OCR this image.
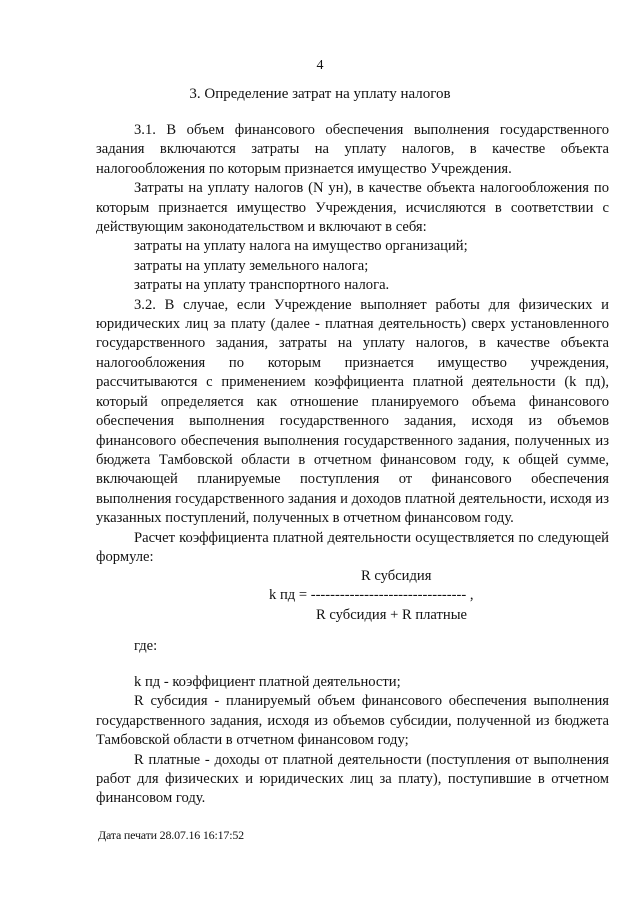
4
3. Определение затрат на уплату налогов

3.1. В объем финансового обеспечения выполнения государственного задания включаются затраты на уплату налогов, в качестве объекта налогообложения по которым признается имущество Учреждения.

Затраты на уплату налогов (N ун), в качестве объекта налогообложения по которым признается имущество Учреждения, исчисляются в соответствии с действующим законодательством и включают в себя:

затраты на уплату налога на имущество организаций;

затраты на уплату земельного налога;

затраты на уплату транспортного налога.

3.2. В случае, если Учреждение выполняет работы для физических и юридических лиц за плату (далее - платная деятельность) сверх установленного государственного задания, затраты на уплату налогов, в качестве объекта налогообложения по которым признается имущество учреждения, рассчитываются с применением коэффициента платной деятельности (k пд), который определяется как отношение планируемого объема финансового обеспечения выполнения государственного задания, исходя из объемов финансового обеспечения выполнения государственного задания, полученных из бюджета Тамбовской области в отчетном финансовом году, к общей сумме, включающей планируемые поступления от финансового обеспечения выполнения государственного задания и доходов платной деятельности, исходя из указанных поступлений, полученных в отчетном финансовом году.

Расчет коэффициента платной деятельности осуществляется по следующей формуле:

R субсидия
k пд = -------------------------------- ,
R субсидия + R платные
где:

k пд - коэффициент платной деятельности;

R субсидия - планируемый объем финансового обеспечения выполнения государственного задания, исходя из объемов субсидии, полученной из бюджета Тамбовской области в отчетном финансовом году;

R платные - доходы от платной деятельности (поступления от выполнения работ для физических и юридических лиц за плату), поступившие в отчетном финансовом году.

Дата печати 28.07.16 16:17:52
